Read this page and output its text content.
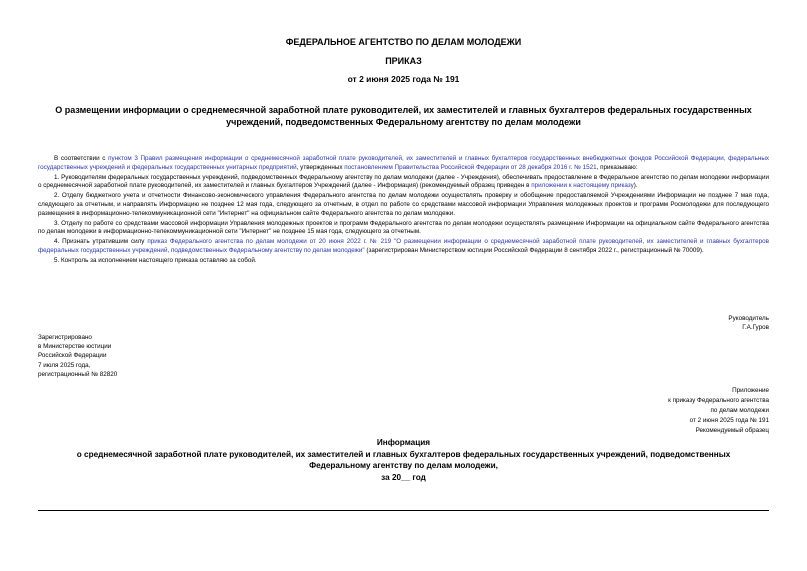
ФЕДЕРАЛЬНОЕ АГЕНТСТВО ПО ДЕЛАМ МОЛОДЕЖИ
ПРИКАЗ
от 2 июня 2025 года № 191
О размещении информации о среднемесячной заработной плате руководителей, их заместителей и главных бухгалтеров федеральных государственных учреждений, подведомственных Федеральному агентству по делам молодежи

В соответствии с пунктом 3 Правил размещения информации о среднемесячной заработной плате руководителей, их заместителей и главных бухгалтеров государственных внебюджетных фондов Российской Федерации, федеральных государственных учреждений и федеральных государственных унитарных предприятий, утвержденных постановлением Правительства Российской Федерации от 28 декабря 2016 г. № 1521, приказываю:

1. Руководителям федеральных государственных учреждений, подведомственных Федеральному агентству по делам молодежи (далее - Учреждения), обеспечивать предоставление в Федеральное агентство по делам молодежи информации о среднемесячной заработной плате руководителей, их заместителей и главных бухгалтеров Учреждений (далее - Информация) (рекомендуемый образец приведен в приложении к настоящему приказу).

2. Отделу бюджетного учета и отчетности Финансово-экономического управления Федерального агентства по делам молодежи осуществлять проверку и обобщение предоставляемой Учреждениями Информации не позднее 7 мая года, следующего за отчетным, и направлять Информацию не позднее 12 мая года, следующего за отчетным, в отдел по работе со средствами массовой информации Управления молодежных проектов и программ Росмолодежи для последующего размещения в информационно-телекоммуникационной сети "Интернет" на официальном сайте Федерального агентства по делам молодежи.

3. Отделу по работе со средствами массовой информации Управления молодежных проектов и программ Федерального агентства по делам молодежи осуществлять размещение Информации на официальном сайте Федерального агентства по делам молодежи в информационно-телекоммуникационной сети "Интернет" не позднее 15 мая года, следующего за отчетным.

4. Признать утратившим силу приказ Федерального агентства по делам молодежи от 20 июня 2022 г. № 219 "О размещении информации о среднемесячной заработной плате руководителей, их заместителей и главных бухгалтеров федеральных государственных учреждений, подведомственных Федеральному агентству по делам молодежи" (зарегистрирован Министерством юстиции Российской Федерации 8 сентября 2022 г., регистрационный № 70009).

5. Контроль за исполнением настоящего приказа оставляю за собой.

Руководитель
Г.А.Гуров
Зарегистрировано
в Министерстве юстиции
Российской Федерации
7 июля 2025 года,
регистрационный № 82820
Приложение
к приказу Федерального агентства
по делам молодежи
от 2 июня 2025 года № 191
Рекомендуемый образец
Информация
о среднемесячной заработной плате руководителей, их заместителей и главных бухгалтеров федеральных государственных учреждений, подведомственных
Федеральному агентству по делам молодежи,
за 20__ год
